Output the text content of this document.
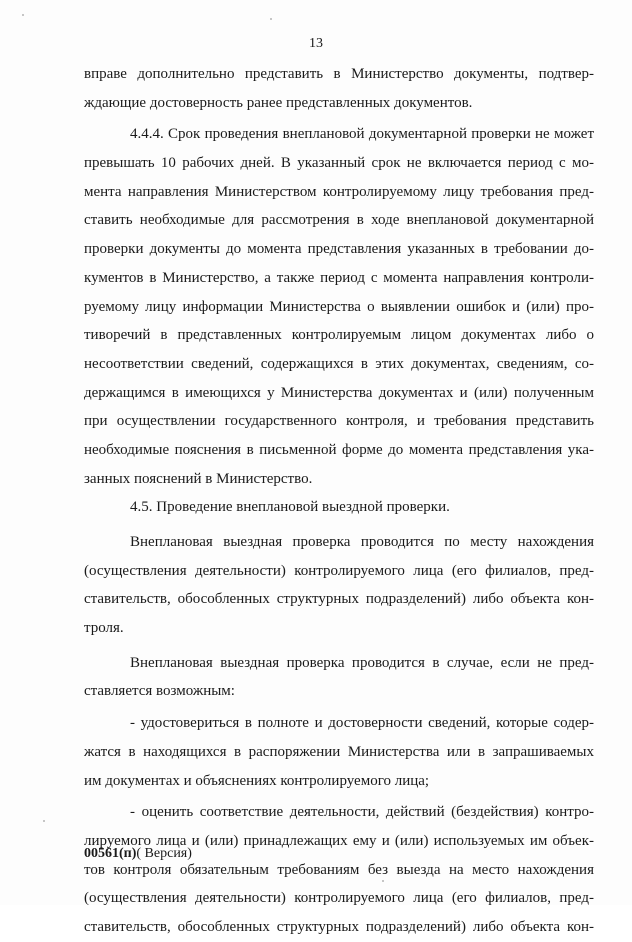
13
вправе дополнительно представить в Министерство документы, подтвер-
ждающие достоверность ранее представленных документов.
4.4.4. Срок проведения внеплановой документарной проверки не может
превышать 10 рабочих дней. В указанный срок не включается период с мо-
мента направления Министерством контролируемому лицу требования пред-
ставить необходимые для рассмотрения в ходе внеплановой документарной
проверки документы до момента представления указанных в требовании до-
кументов в Министерство, а также период с момента направления контроли-
руемому лицу информации Министерства о выявлении ошибок и (или) про-
тиворечий в представленных контролируемым лицом документах либо о
несоответствии сведений, содержащихся в этих документах, сведениям, со-
держащимся в имеющихся у Министерства документах и (или) полученным
при осуществлении государственного контроля, и требования представить
необходимые пояснения в письменной форме до момента представления ука-
занных пояснений в Министерство.
4.5. Проведение внеплановой выездной проверки.
Внеплановая выездная проверка проводится по месту нахождения
(осуществления деятельности) контролируемого лица (его филиалов, пред-
ставительств, обособленных структурных подразделений) либо объекта кон-
троля.
Внеплановая выездная проверка проводится в случае, если не пред-
ставляется возможным:
- удостовериться в полноте и достоверности сведений, которые содер-
жатся в находящихся в распоряжении Министерства или в запрашиваемых
им документах и объяснениях контролируемого лица;
- оценить соответствие деятельности, действий (бездействия) контро-
лируемого лица и (или) принадлежащих ему и (или) используемых им объек-
тов контроля обязательным требованиям без выезда на место нахождения
(осуществления деятельности) контролируемого лица (его филиалов, пред-
ставительств, обособленных структурных подразделений) либо объекта кон-
00561(п)( Версия)
